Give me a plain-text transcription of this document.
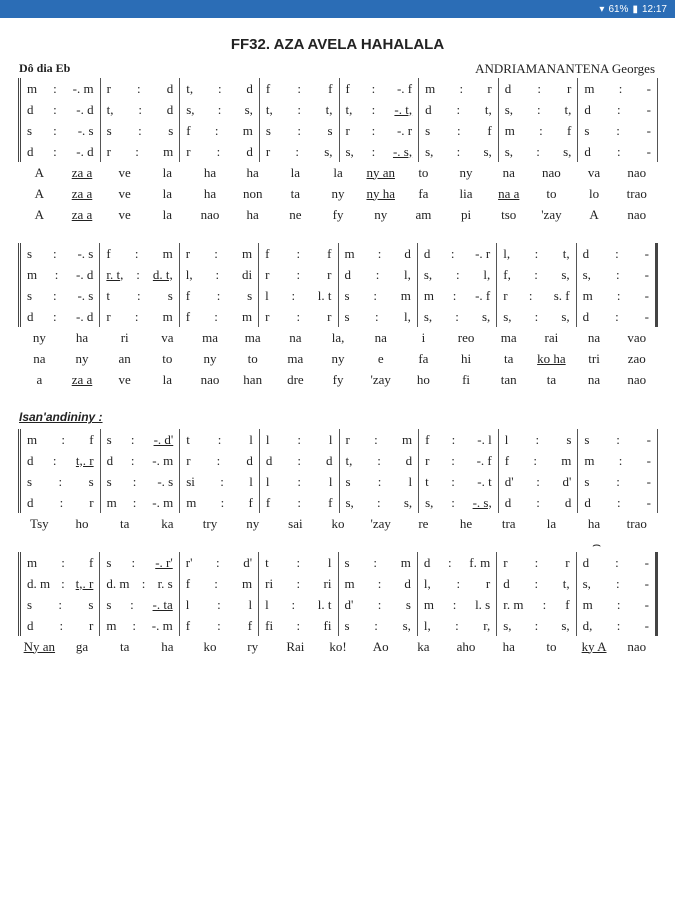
▾ 61% ▮ 12:17
FF32. AZA AVELA HAHALALA
Dô dia Eb	ANDRIAMANANTENA Georges
Isan'andininy :
m : -. m r : d t, : d f : f f : -. f m : r d : r m : -
d : -. d t, : d s, : s, t, : t, t, : -. t, d : t, s, : t, d : -
s : -. s s : s f : m s : s r : -. r s : f m : f s : -
d : -. d r : m r : d r : s, s, : -. s, s, : s, s, : s, d : -
A	za a	ve	la	ha	ha	la	la	ny an	to	ny	na	nao	va	nao
A	za a	ve	la	ha	non	ta	ny	ny ha	fa	lia	na a	to	lo	trao
A	za a	ve	la	nao	ha	ne	fy	ny	am	pi	tso	'zay	A	nao
s : -. s f : m r : m f : f m : d d : -. r l, : t, d : -
m : -. d r. t, : d. t, l, : di r : r d : l, s, : l, f, : s, s, : -
s : -. s t : s f : s l : l. t s : m m : -. f r : s. f m : -
d : -. d r : m f : m r : r s : l, s, : s, s, : s, d : -
ny	ha	ri	va	ma	ma	na	la,	na	i	reo	ma	rai	na	vao
na	ny	an	to	ny	to	ma	ny	e	fa	hi	ta	ko ha	tri	zao
a	za a	ve	la	nao	han	dre	fy	'zay	ho	fi	tan	ta	na	nao
m : f s : -. d' t : l l : l r : m f : -. l l : s s : -
d : t,. r d : -. m r : d d : d t, : d r : -. f f : m m : -
s : s s : -. s si : l l : l s : l t : -. t d' : d' s : -
d : r m : -. m m : f f : f s, : s, s, : -. s, d : d d : -
Tsy	ho	ta	ka	try	ny	sai	ko	'zay	re	he	tra	la	ha	trao
m : f s : -. r' r' : d' t : l s : m d : f. m r : r d : -
d. m : t,. r d. m : r. s f : m ri : ri m : d l, : r d : t, s, : -
s : s s : -. ta l : l l : l. t d' : s m : l. s r. m : f m : -
d : r m : -. m f : f fi : fi s : s, l, : r, s, : s, d, : -
Ny an	ga	ta	ha	ko	ry	Rai	ko!	Ao	ka	aho	ha	to	ky A	nao
⌢
